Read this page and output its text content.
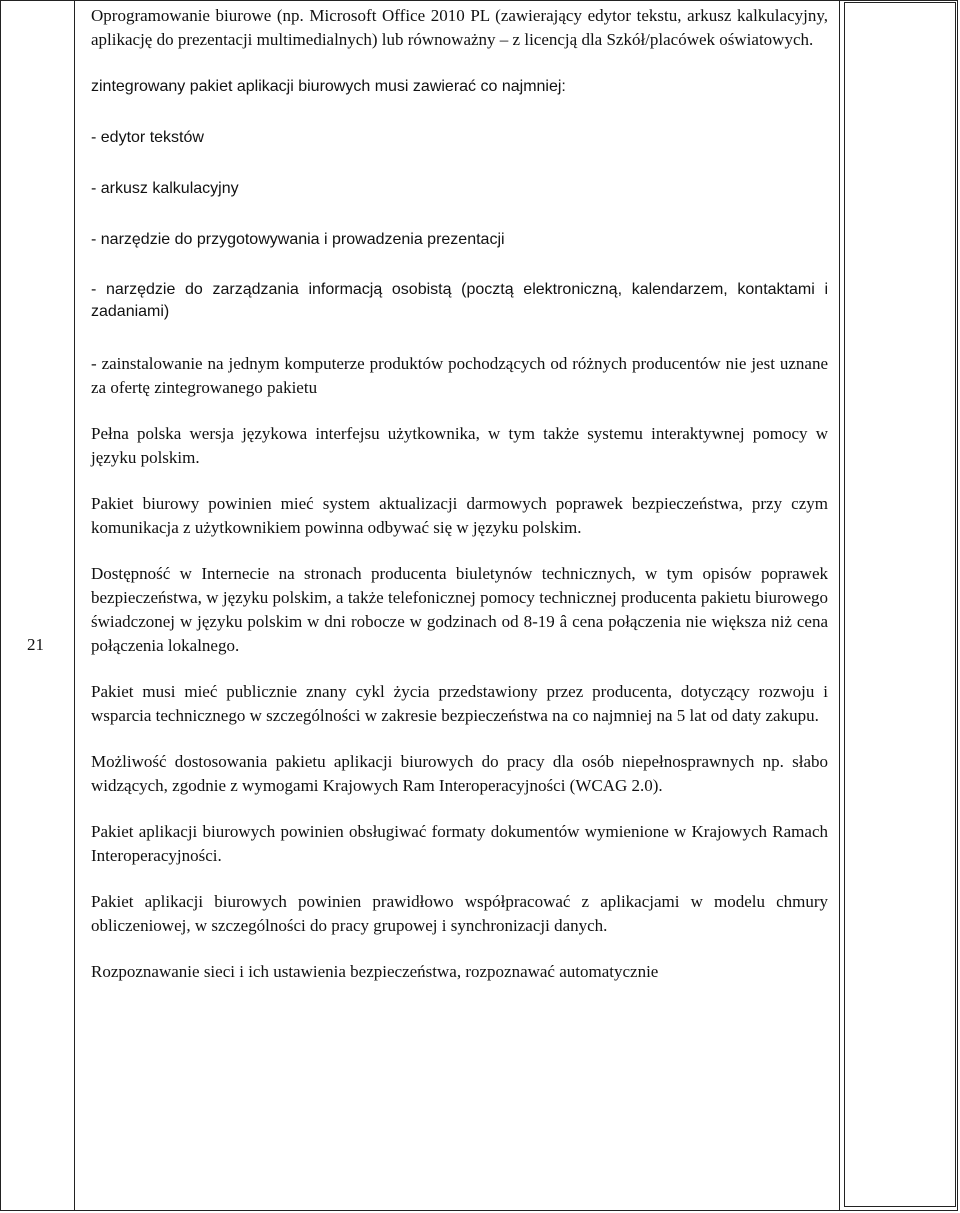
21

Oprogramowanie biurowe (np. Microsoft Office 2010 PL (zawierający edytor tekstu, arkusz kalkulacyjny, aplikację do prezentacji multimedialnych) lub równoważny – z licencją dla Szkół/placówek oświatowych.

zintegrowany pakiet aplikacji biurowych musi zawierać co najmniej:

- edytor tekstów

- arkusz kalkulacyjny

- narzędzie do przygotowywania i prowadzenia prezentacji

- narzędzie do zarządzania informacją osobistą (pocztą elektroniczną, kalendarzem, kontaktami i zadaniami)

- zainstalowanie na jednym komputerze produktów pochodzących od różnych producentów nie jest uznane za ofertę zintegrowanego pakietu

Pełna polska wersja językowa interfejsu użytkownika, w tym także systemu interaktywnej pomocy w języku polskim.

Pakiet biurowy powinien mieć system aktualizacji darmowych poprawek bezpieczeństwa, przy czym komunikacja z użytkownikiem powinna odbywać się w języku polskim.

Dostępność w Internecie na stronach producenta biuletynów technicznych, w tym opisów poprawek bezpieczeństwa, w języku polskim, a także telefonicznej pomocy technicznej producenta pakietu biurowego świadczonej w języku polskim w dni robocze w godzinach od 8-19 â cena połączenia nie większa niż cena połączenia lokalnego.

Pakiet musi mieć publicznie znany cykl życia przedstawiony przez producenta, dotyczący rozwoju i wsparcia technicznego w szczególności w zakresie bezpieczeństwa na co najmniej na 5 lat od daty zakupu.

Możliwość dostosowania pakietu aplikacji biurowych do pracy dla osób niepełnosprawnych np. słabo widzących, zgodnie z wymogami Krajowych Ram Interoperacyjności (WCAG 2.0).

Pakiet aplikacji biurowych powinien obsługiwać formaty dokumentów wymienione w Krajowych Ramach Interoperacyjności.

Pakiet aplikacji biurowych powinien prawidłowo współpracować z aplikacjami w modelu chmury obliczeniowej, w szczególności do pracy grupowej i synchronizacji danych.

Rozpoznawanie sieci i ich ustawienia bezpieczeństwa, rozpoznawać automatycznie
